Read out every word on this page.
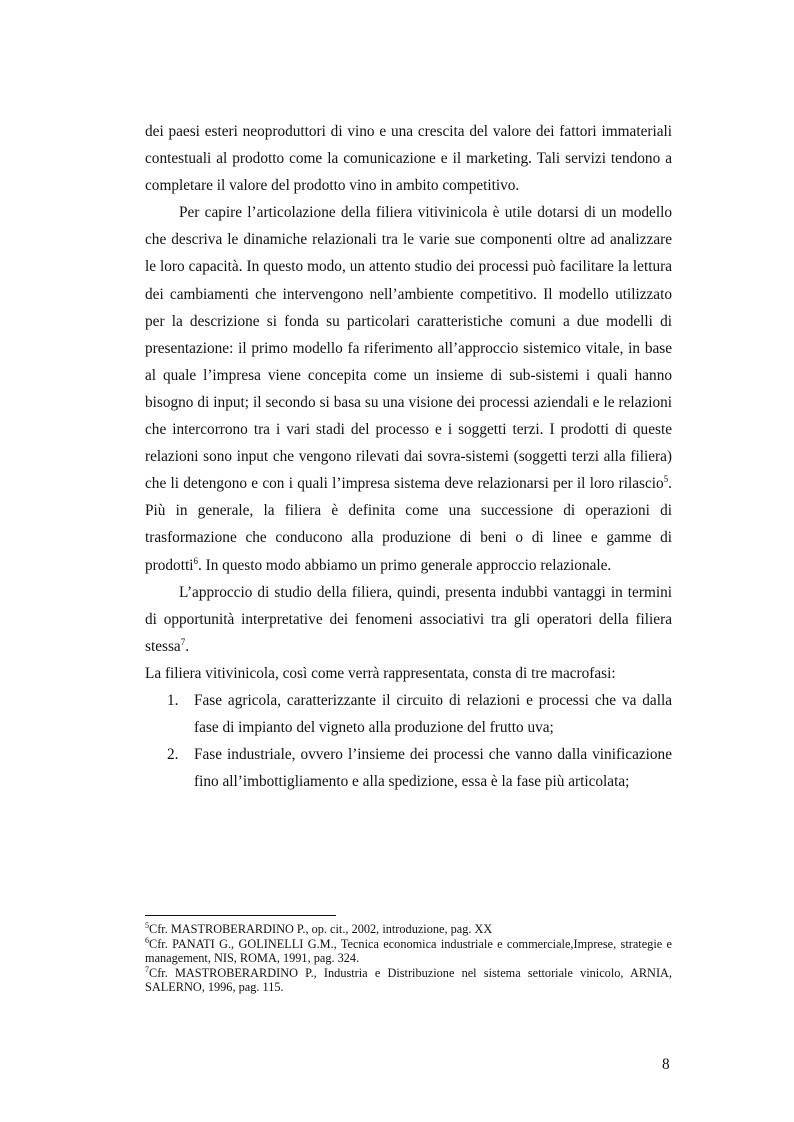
dei paesi esteri neoproduttori di vino e una crescita del valore dei fattori immateriali contestuali al prodotto come la comunicazione e il marketing. Tali servizi tendono a completare il valore del prodotto vino in ambito competitivo.

Per capire l’articolazione della filiera vitivinicola è utile dotarsi di un modello che descriva le dinamiche relazionali tra le varie sue componenti oltre ad analizzare le loro capacità. In questo modo, un attento studio dei processi può facilitare la lettura dei cambiamenti che intervengono nell’ambiente competitivo. Il modello utilizzato per la descrizione si fonda su particolari caratteristiche comuni a due modelli di presentazione: il primo modello fa riferimento all’approccio sistemico vitale, in base al quale l’impresa viene concepita come un insieme di sub-sistemi i quali hanno bisogno di input; il secondo si basa su una visione dei processi aziendali e le relazioni che intercorrono tra i vari stadi del processo e i soggetti terzi. I prodotti di queste relazioni sono input che vengono rilevati dai sovra-sistemi (soggetti terzi alla filiera) che li detengono e con i quali l’impresa sistema deve relazionarsi per il loro rilascio$^5$. Più in generale, la filiera è definita come una successione di operazioni di trasformazione che conducono alla produzione di beni o di linee e gamme di prodotti$^6$. In questo modo abbiamo un primo generale approccio relazionale.

L’approccio di studio della filiera, quindi, presenta indubbi vantaggi in termini di opportunità interpretative dei fenomeni associativi tra gli operatori della filiera stessa$^7$.

La filiera vitivinicola, così come verrà rappresentata, consta di tre macrofasi:

1. Fase agricola, caratterizzante il circuito di relazioni e processi che va dalla fase di impianto del vigneto alla produzione del frutto uva;
2. Fase industriale, ovvero l’insieme dei processi che vanno dalla vinificazione fino all’imbottigliamento e alla spedizione, essa è la fase più articolata;

$^5$Cfr. MASTROBERARDINO P., op. cit., 2002, introduzione, pag. XX

$^6$Cfr. PANATI G., GOLINELLI G.M., Tecnica economica industriale e commerciale,Imprese, strategie e management, NIS, ROMA, 1991, pag. 324.

$^7$Cfr. MASTROBERARDINO P., Industria e Distribuzione nel sistema settoriale vinicolo, ARNIA, SALERNO, 1996, pag. 115.

8
